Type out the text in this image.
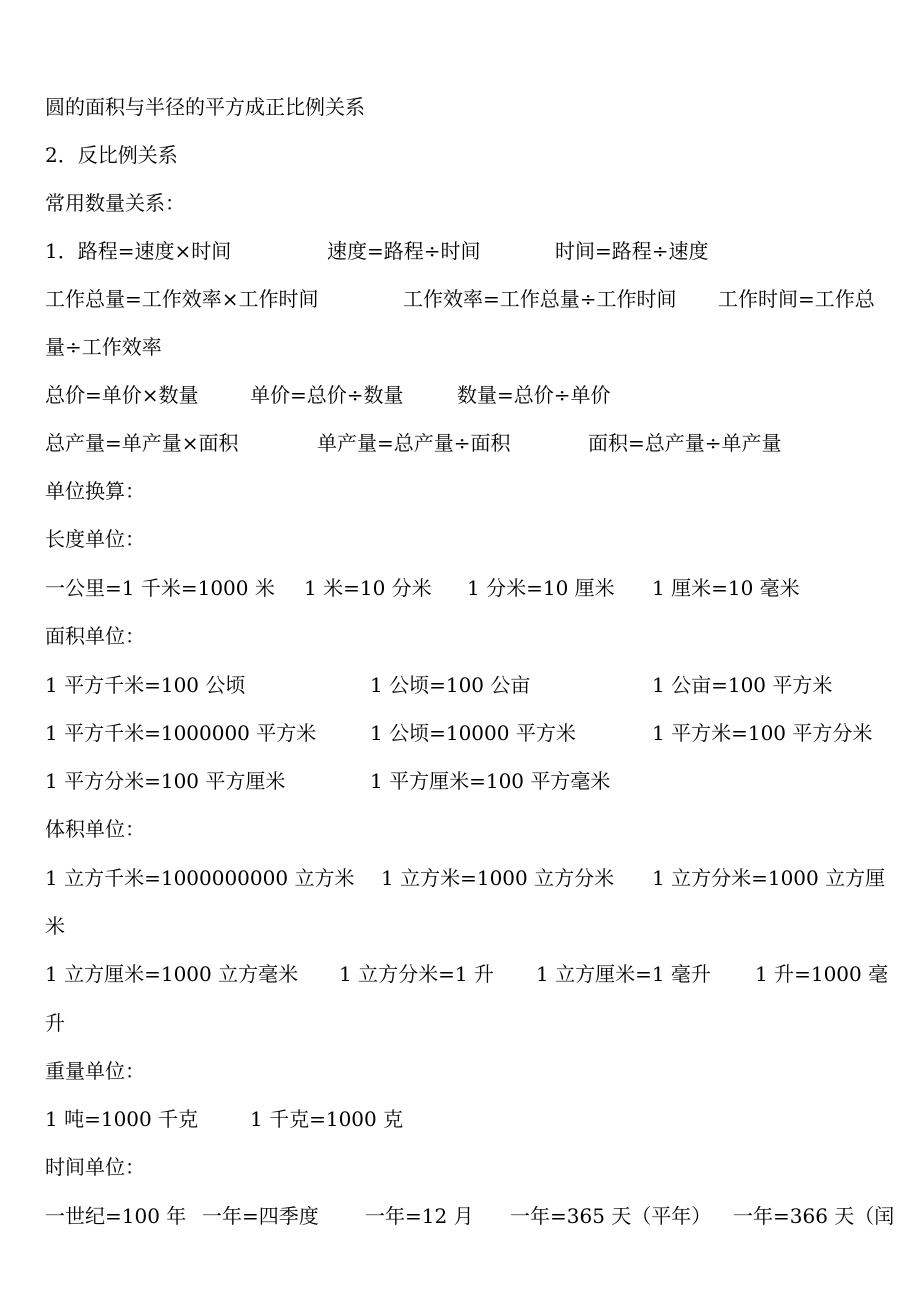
圆的面积与半径的平方成正比例关系
2．反比例关系
常用数量关系：
1．路程=速度×时间	速度=路程÷时间	时间=路程÷速度
工作总量=工作效率×工作时间	工作效率=工作总量÷工作时间 工作时间=工作总
量÷工作效率
总价=单价×数量	单价=总价÷数量	数量=总价÷单价
总产量=单产量×面积	单产量=总产量÷面积	面积=总产量÷单产量
单位换算：
长度单位：
一公里=1 千米=1000 米 1 米=10 分米 1 分米=10 厘米 1 厘米=10 毫米
面积单位：
1 平方千米=100 公顷	1 公顷=100 公亩	1 公亩=100 平方米
1 平方千米=1000000 平方米	1 公顷=10000 平方米	1 平方米=100 平方分米
1 平方分米=100 平方厘米	1 平方厘米=100 平方毫米
体积单位：
1 立方千米=1000000000 立方米 1 立方米=1000 立方分米 1 立方分米=1000 立方厘
米
1 立方厘米=1000 立方毫米 1 立方分米=1 升 1 立方厘米=1 毫升 1 升=1000 毫
升
重量单位：
1 吨=1000 千克	1 千克=1000 克
时间单位：
一世纪=100 年 一年=四季度 一年=12 月 一年=365 天（平年） 一年=366 天（闰
